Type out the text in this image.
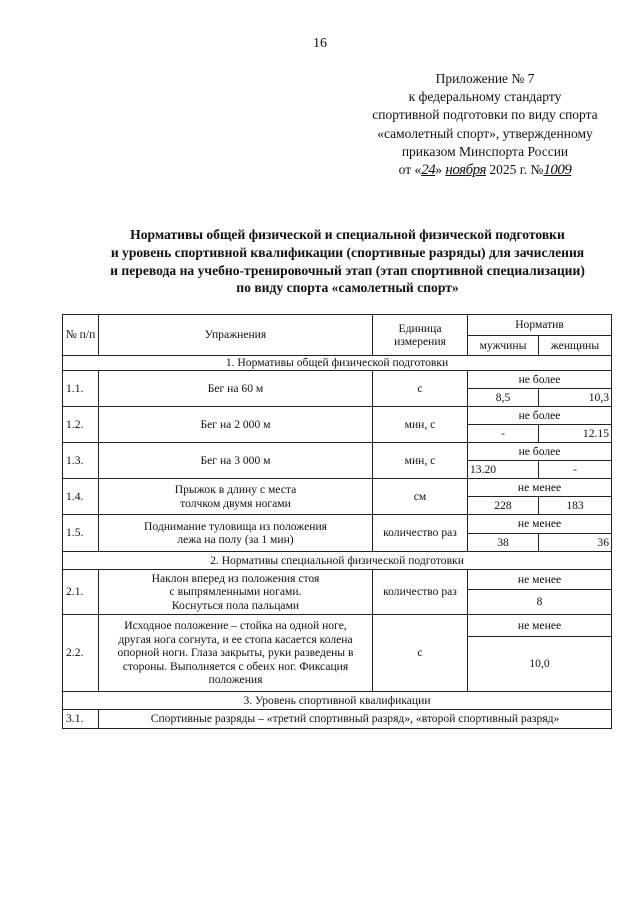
16
Приложение № 7
к федеральному стандарту
спортивной подготовки по виду спорта
«самолетный спорт», утвержденному
приказом Минспорта России
от «24» ноября 2025 г. №1009
Нормативы общей физической и специальной физической подготовки
и уровень спортивной квалификации (спортивные разряды) для зачисления
и перевода на учебно-тренировочный этап (этап спортивной специализации)
по виду спорта «самолетный спорт»
№ п/п	Упражнения	Единица измерения	Норматив	
			мужчины	женщины
1. Нормативы общей физической подготовки				
1.1.	Бег на 60 м	с	не более	
			8,5	10,3
1.2.	Бег на 2 000 м	мин, с	не более	
			-	12.15
1.3.	Бег на 3 000 м	мин, с	не более	
			13.20	-
1.4.	Прыжок в длину с места толчком двумя ногами	см	не менее	
			228	183
1.5.	Поднимание туловища из положения лежа на полу (за 1 мин)	количество раз	не менее	
			38	36
2. Нормативы специальной физической подготовки				
2.1.	Наклон вперед из положения стоя с выпрямленными ногами. Коснуться пола пальцами	количество раз	не менее	
			8	
2.2.	Исходное положение – стойка на одной ноге, другая нога согнута, и ее стопа касается колена опорной ноги. Глаза закрыты, руки разведены в стороны. Выполняется с обеих ног. Фиксация положения	с	не менее	
			10,0	
3. Уровень спортивной квалификации				
3.1.	Спортивные разряды – «третий спортивный разряд», «второй спортивный разряд»			
